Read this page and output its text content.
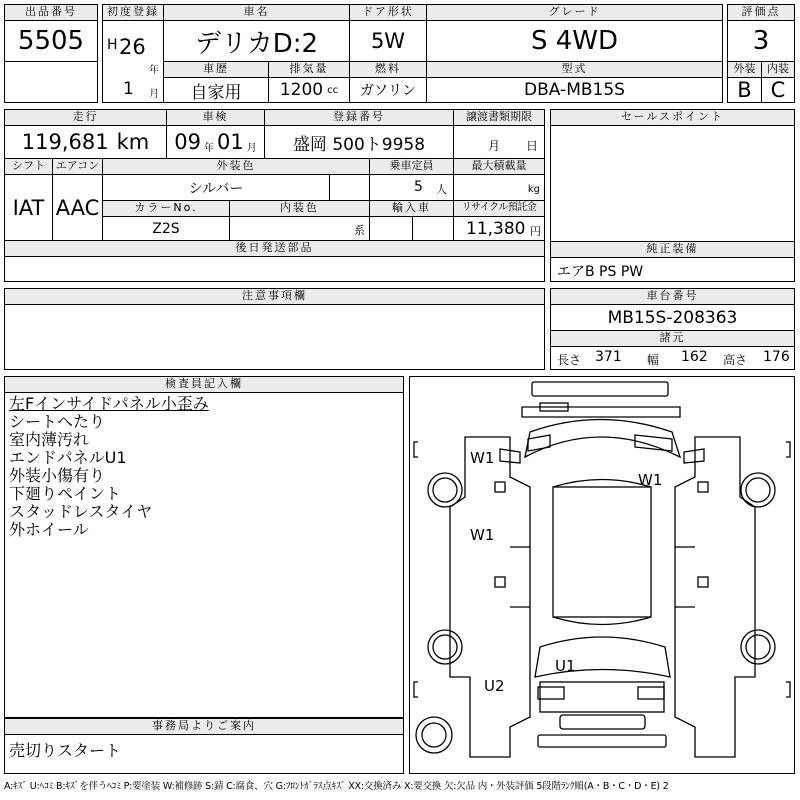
出品番号
5505
初度登録
H 26
年
1 月
車名
デリカD:2
ドア形状
5W
グレード
S 4WD
評価点
3
車歴
自家用
排気量
1200 cc
燃料
ガソリン
型式
DBA-MB15S
外装	内装
B C
走行
119,681 km
車検
09 年 01 月
登録番号
盛岡 500ト9958
譲渡書類期限
月 日
シフト
IAT
エアコン
AAC
外装色
シルバー
乗車定員
5 人
最大積載量
kg
カラーNo.
Z2S
内装色
系
輸入車	リサイクル預託金
11,380 円
後日発送部品
セールスポイント
純正装備
エアB PS PW
注意事項欄	車台番号
MB15S-208363
諸元
長さ 371 幅 162 高さ 176
検査員記入欄
左Fインサイドパネル小歪み
シートへたり
室内薄汚れ
エンドパネルU1
外装小傷有り
下廻りペイント
スタッドレスタイヤ
外ホイール
事務局よりご案内
売切りスタート
W1
W1
W1
U1
U2
A:ｷｽﾞ U:ﾍｺﾐ B:ｷｽﾞを伴うﾍｺﾐ P:要塗装 W:補修跡 S:錆 C:腐食、穴 G:ﾌﾛﾝﾄｶﾞﾗｽ点ｷｽﾞ XX:交換済み X:要交換 欠:欠品 内・外装評価 5段階ﾗﾝｸ順(A・B・C・D・E) 2
